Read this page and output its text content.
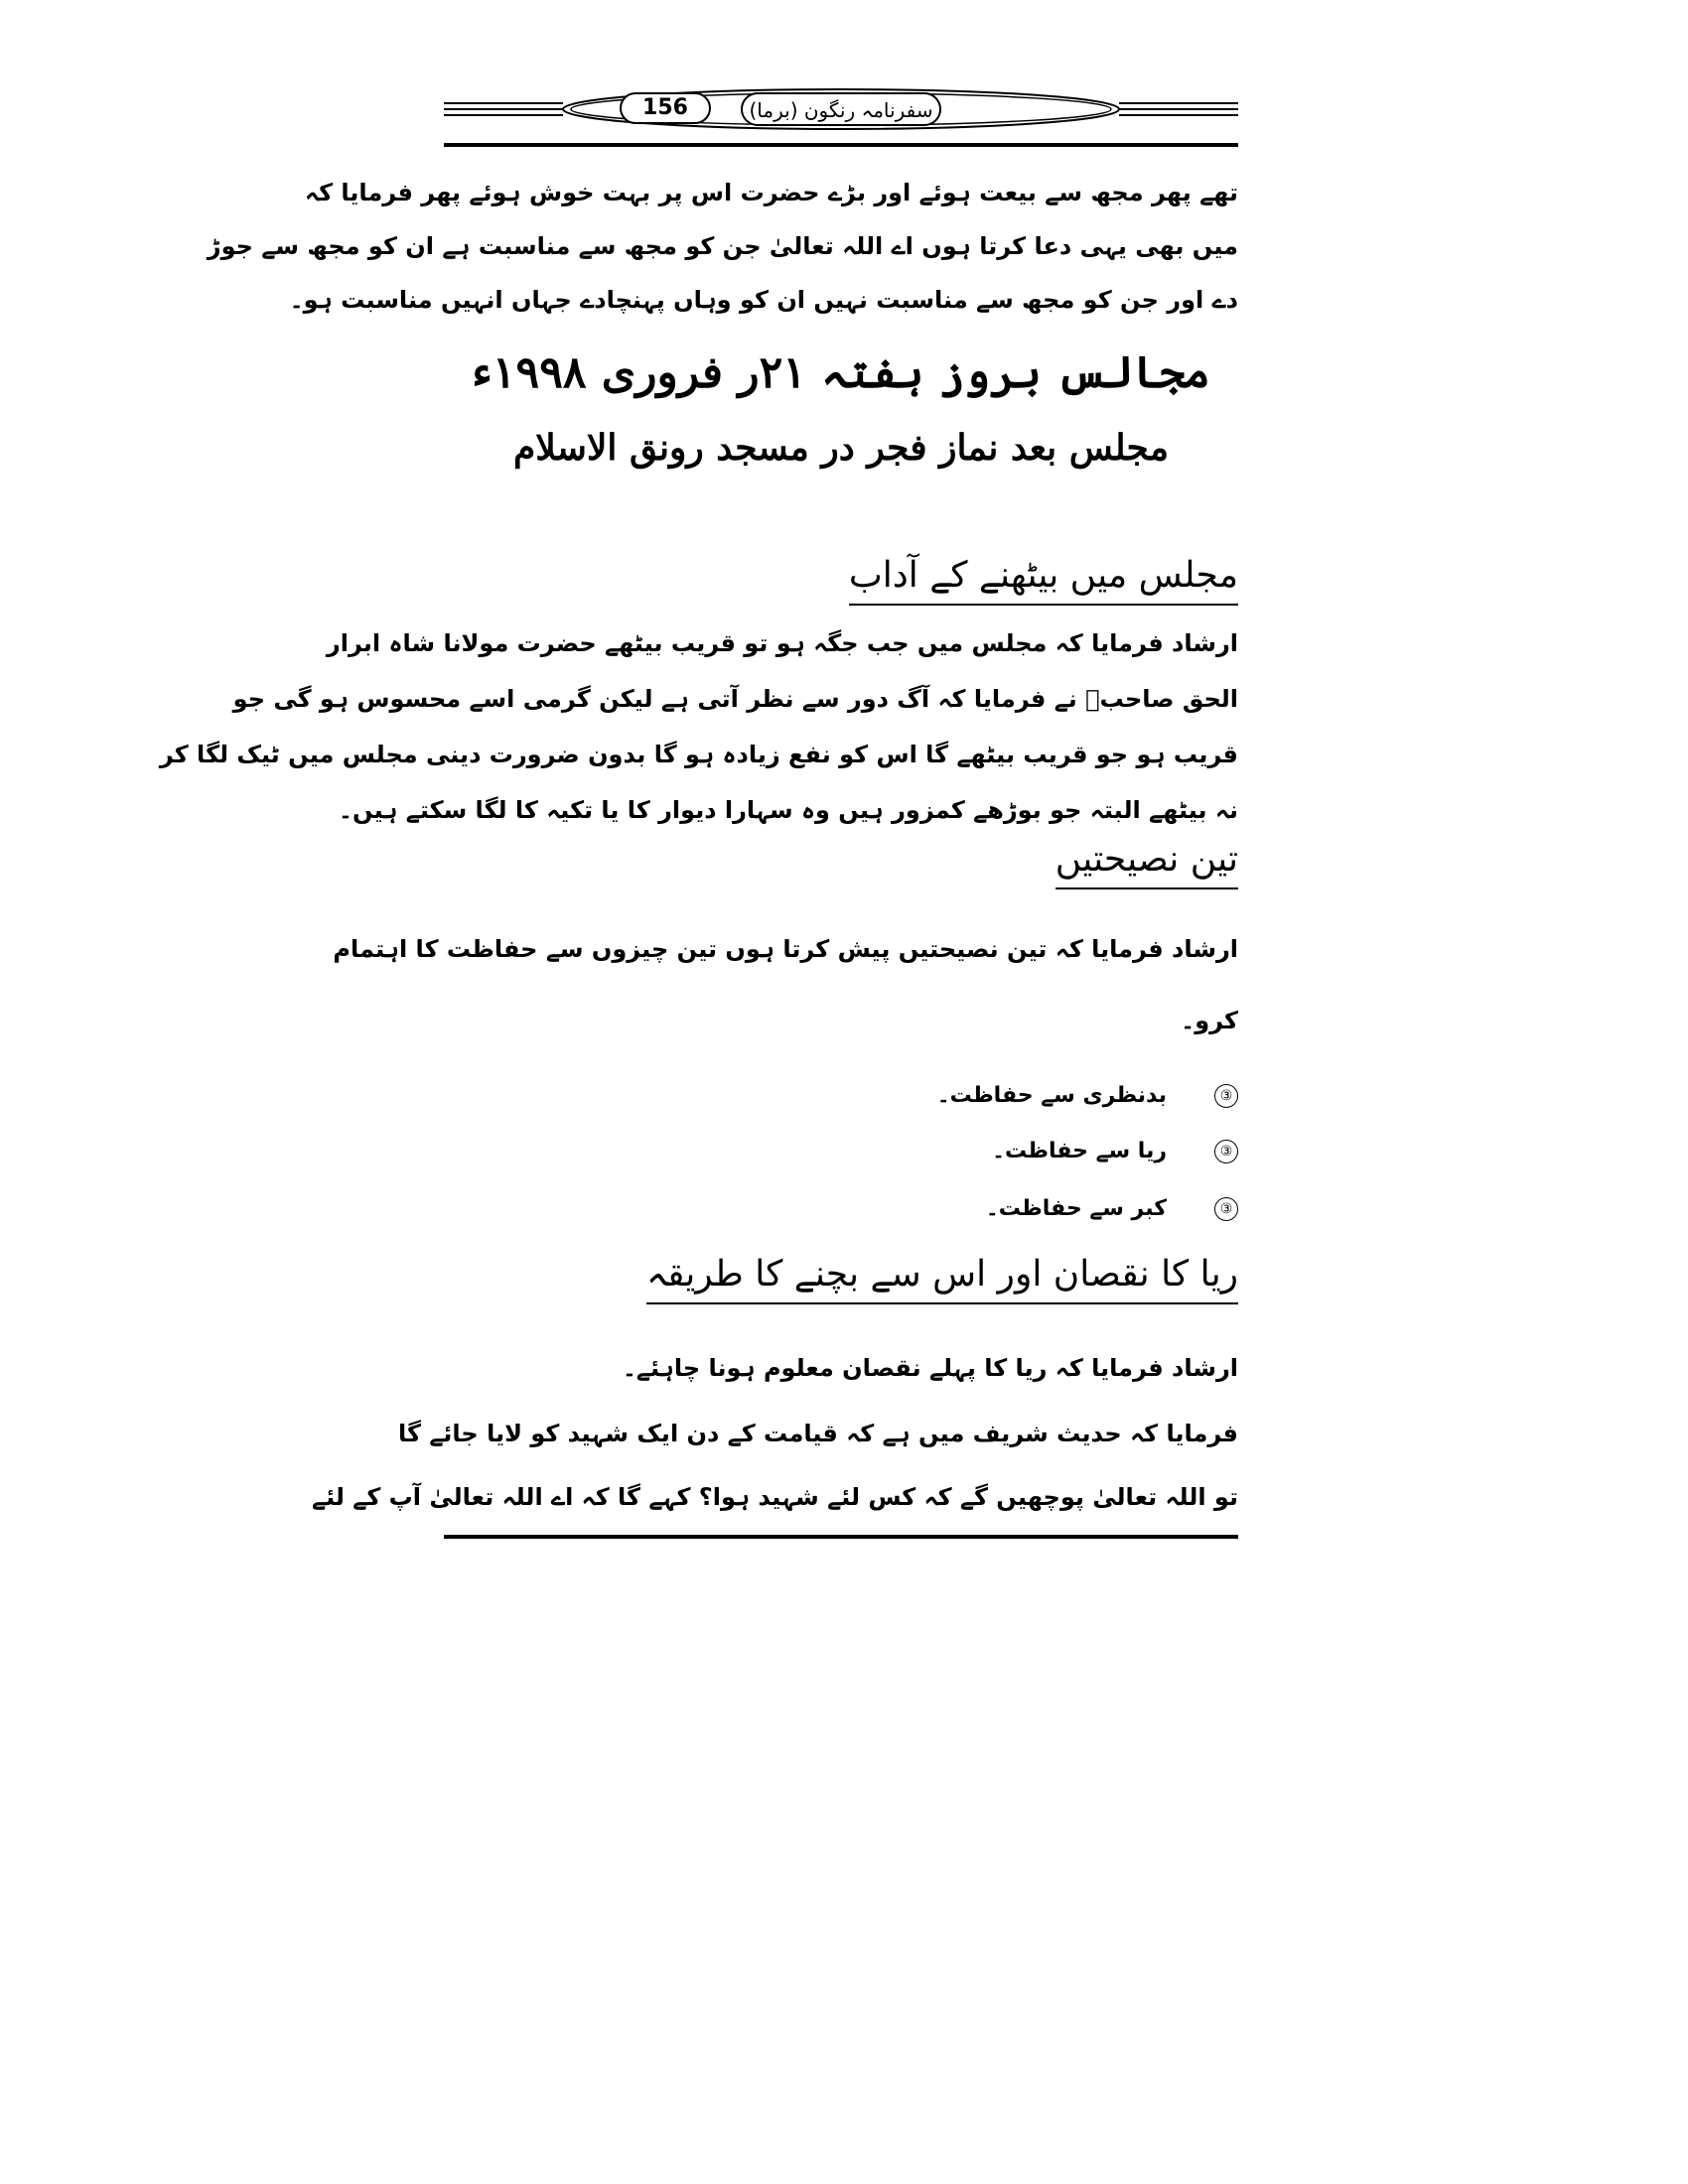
156	سفرنامہ رنگون (برما)
تھے پھر مجھ سے بیعت ہوئے اور بڑے حضرت اس پر بہت خوش ہوئے پھر فرمایا کہ
میں بھی یہی دعا کرتا ہوں اے اللہ تعالیٰ جن کو مجھ سے مناسبت ہے ان کو مجھ سے جوڑ
دے اور جن کو مجھ سے مناسبت نہیں ان کو وہاں پہنچادے جہاں انہیں مناسبت ہو۔
مجالس بروز ہفتہ ۲۱ر فروری ۱۹۹۸ء
مجلس بعد نماز فجر در مسجد رونق الاسلام
مجلس میں بیٹھنے کے آداب
ارشاد فرمایا کہ مجلس میں جب جگہ ہو تو قریب بیٹھے حضرت مولانا شاہ ابرار
الحق صاحبؒ نے فرمایا کہ آگ دور سے نظر آتی ہے لیکن گرمی اسے محسوس ہو گی جو
قریب ہو جو قریب بیٹھے گا اس کو نفع زیادہ ہو گا بدون ضرورت دینی مجلس میں ٹیک لگا کر
نہ بیٹھے البتہ جو بوڑھے کمزور ہیں وہ سہارا دیوار کا یا تکیہ کا لگا سکتے ہیں۔
تین نصیحتیں
ارشاد فرمایا کہ تین نصیحتیں پیش کرتا ہوں تین چیزوں سے حفاظت کا اہتمام
کرو۔
③
بدنظری سے حفاظت۔
③
ریا سے حفاظت۔
③
کبر سے حفاظت۔
ریا کا نقصان اور اس سے بچنے کا طریقہ
ارشاد فرمایا کہ ریا کا پہلے نقصان معلوم ہونا چاہئے۔
فرمایا کہ حدیث شریف میں ہے کہ قیامت کے دن ایک شہید کو لایا جائے گا
تو اللہ تعالیٰ پوچھیں گے کہ کس لئے شہید ہوا؟ کہے گا کہ اے اللہ تعالیٰ آپ کے لئے
